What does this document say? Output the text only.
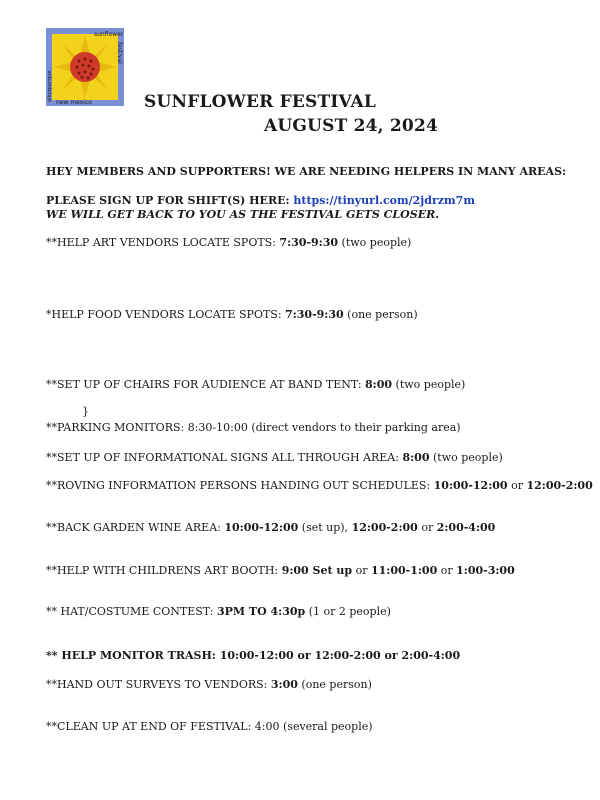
sunflower
festival
albuquerque
new mexico	SUNFLOWER FESTIVAL
AUGUST 24, 2024
HEY MEMBERS AND SUPPORTERS! WE ARE NEEDING HELPERS IN MANY AREAS:
PLEASE SIGN UP FOR SHIFT(S) HERE: https://tinyurl.com/2jdrzm7m
WE WILL GET BACK TO YOU AS THE FESTIVAL GETS CLOSER.
**HELP ART VENDORS LOCATE SPOTS: 7:30-9:30 (two people)
*HELP FOOD VENDORS LOCATE SPOTS: 7:30-9:30 (one person)
**SET UP OF CHAIRS FOR AUDIENCE AT BAND TENT: 8:00 (two people)
}
**PARKING MONITORS: 8:30-10:00 (direct vendors to their parking area)
**SET UP OF INFORMATIONAL SIGNS ALL THROUGH AREA: 8:00 (two people)
**ROVING INFORMATION PERSONS HANDING OUT SCHEDULES: 10:00-12:00 or 12:00-2:00
**BACK GARDEN WINE AREA: 10:00-12:00 (set up), 12:00-2:00 or 2:00-4:00
**HELP WITH CHILDRENS ART BOOTH: 9:00 Set up or 11:00-1:00 or 1:00-3:00
** HAT/COSTUME CONTEST: 3PM TO 4:30p (1 or 2 people)
** HELP MONITOR TRASH: 10:00-12:00 or 12:00-2:00 or 2:00-4:00
**HAND OUT SURVEYS TO VENDORS: 3:00 (one person)
**CLEAN UP AT END OF FESTIVAL: 4:00 (several people)
